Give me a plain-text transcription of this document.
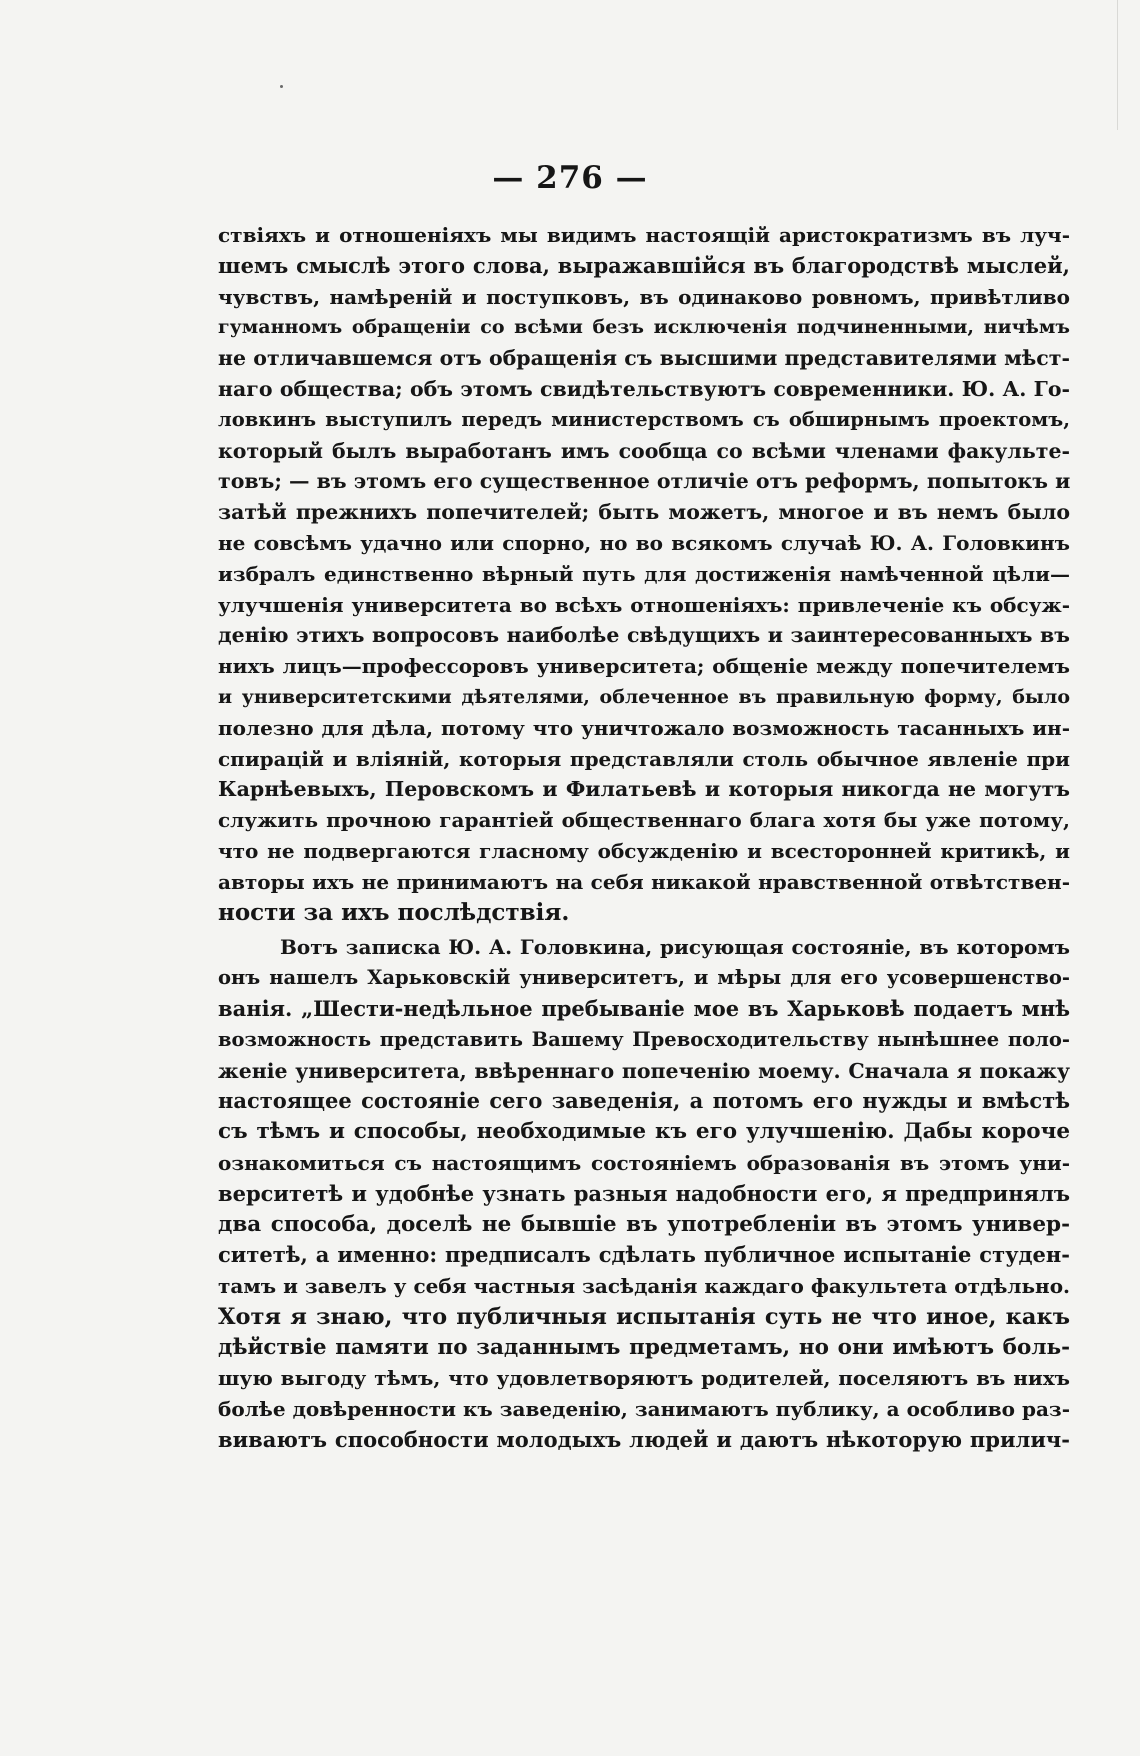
— 276 —
ствіяхъ и отношеніяхъ мы видимъ настоящій аристократизмъ въ луч-
шемъ смыслѣ этого слова, выражавшійся въ благородствѣ мыслей,
чувствъ, намѣреній и поступковъ, въ одинаково ровномъ, привѣтливо
гуманномъ обращеніи со всѣми безъ исключенія подчиненными, ничѣмъ
не отличавшемся отъ обращенія съ высшими представителями мѣст-
наго общества; объ этомъ свидѣтельствуютъ современники. Ю. А. Го-
ловкинъ выступилъ передъ министерствомъ съ обширнымъ проектомъ,
который былъ выработанъ имъ сообща со всѣми членами факульте-
товъ; — въ этомъ его существенное отличіе отъ реформъ, попытокъ и
затѣй прежнихъ попечителей; быть можетъ, многое и въ немъ было
не совсѣмъ удачно или спорно, но во всякомъ случаѣ Ю. А. Головкинъ
избралъ единственно вѣрный путь для достиженія намѣченной цѣли—
улучшенія университета во всѣхъ отношеніяхъ: привлеченіе къ обсуж-
денію этихъ вопросовъ наиболѣе свѣдущихъ и заинтересованныхъ въ
нихъ лицъ—профессоровъ университета; общеніе между попечителемъ
и университетскими дѣятелями, облеченное въ правильную форму, было
полезно для дѣла, потому что уничтожало возможность тасанныхъ ин-
спирацій и вліяній, которыя представляли столь обычное явленіе при
Карнѣевыхъ, Перовскомъ и Филатьевѣ и которыя никогда не могутъ
служить прочною гарантіей общественнаго блага хотя бы уже потому,
что не подвергаются гласному обсужденію и всесторонней критикѣ, и
авторы ихъ не принимаютъ на себя никакой нравственной отвѣтствен-
ности за ихъ послѣдствія.
Вотъ записка Ю. А. Головкина, рисующая состояніе, въ которомъ
онъ нашелъ Харьковскій университетъ, и мѣры для его усовершенство-
ванія. „Шести-недѣльное пребываніе мое въ Харьковѣ подаетъ мнѣ
возможность представить Вашему Превосходительству нынѣшнее поло-
женіе университета, ввѣреннаго попеченію моему. Сначала я покажу
настоящее состояніе сего заведенія, а потомъ его нужды и вмѣстѣ
съ тѣмъ и способы, необходимые къ его улучшенію. Дабы короче
ознакомиться съ настоящимъ состояніемъ образованія въ этомъ уни-
верситетѣ и удобнѣе узнать разныя надобности его, я предпринялъ
два способа, доселѣ не бывшіе въ употребленіи въ этомъ универ-
ситетѣ, а именно: предписалъ сдѣлать публичное испытаніе студен-
тамъ и завелъ у себя частныя засѣданія каждаго факультета отдѣльно.
Хотя я знаю, что публичныя испытанія суть не что иное, какъ
дѣйствіе памяти по заданнымъ предметамъ, но они имѣютъ боль-
шую выгоду тѣмъ, что удовлетворяютъ родителей, поселяютъ въ нихъ
болѣе довѣренности къ заведенію, занимаютъ публику, а особливо раз-
виваютъ способности молодыхъ людей и даютъ нѣкоторую прилич-
